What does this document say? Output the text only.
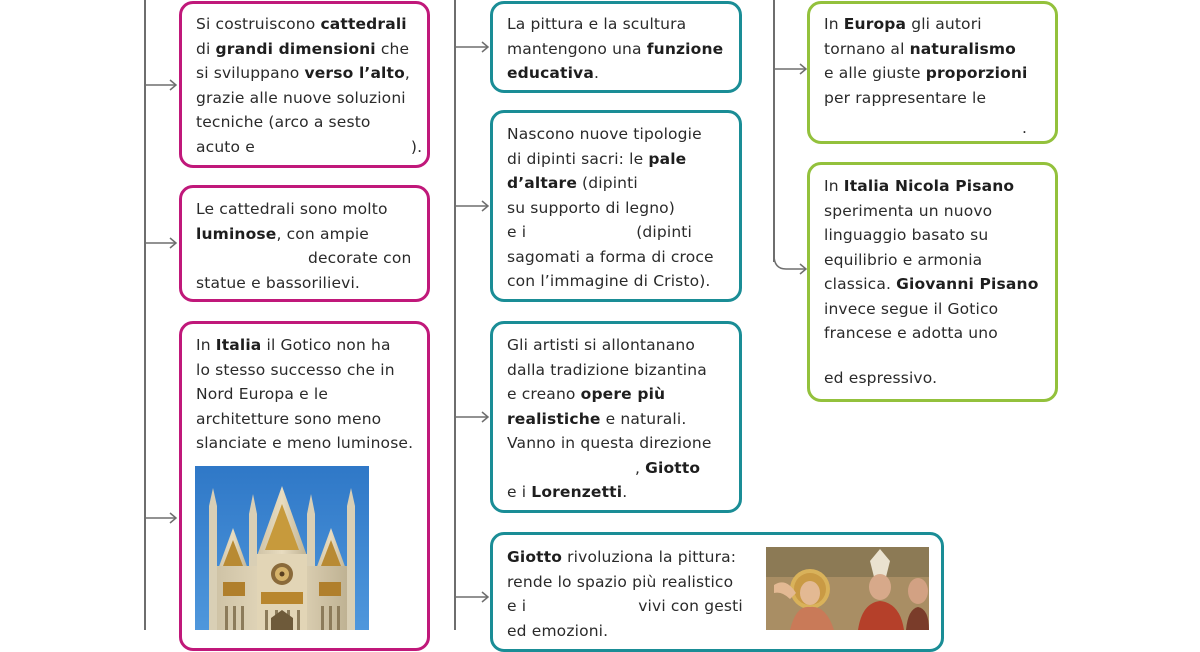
Si costruiscono cattedrali

di grandi dimensioni che

si sviluppano verso l’alto,

grazie alle nuove soluzioni

tecniche (arco a sesto

acuto e	).

Le cattedrali sono molto

luminose, con ampie

decorate con

statue e bassorilievi.

In Italia il Gotico non ha

lo stesso successo che in

Nord Europa e le

architetture sono meno

slanciate e meno luminose.

La pittura e la scultura

mantengono una funzione

educativa.

Nascono nuove tipologie

di dipinti sacri: le pale

d’altare (dipinti

su supporto di legno)

e i	(dipinti

sagomati a forma di croce

con l’immagine di Cristo).

Gli artisti si allontanano

dalla tradizione bizantina

e creano opere più

realistiche e naturali.

Vanno in questa direzione

, Giotto

e i Lorenzetti.

Giotto rivoluziona la pittura:

rende lo spazio più realistico

e i	vivi con gesti

ed emozioni.

In Europa gli autori

tornano al naturalismo

e alle giuste proporzioni

per rappresentare le

.

In Italia Nicola Pisano

sperimenta un nuovo

linguaggio basato su

equilibrio e armonia

classica. Giovanni Pisano

invece segue il Gotico

francese e adotta uno

ed espressivo.
